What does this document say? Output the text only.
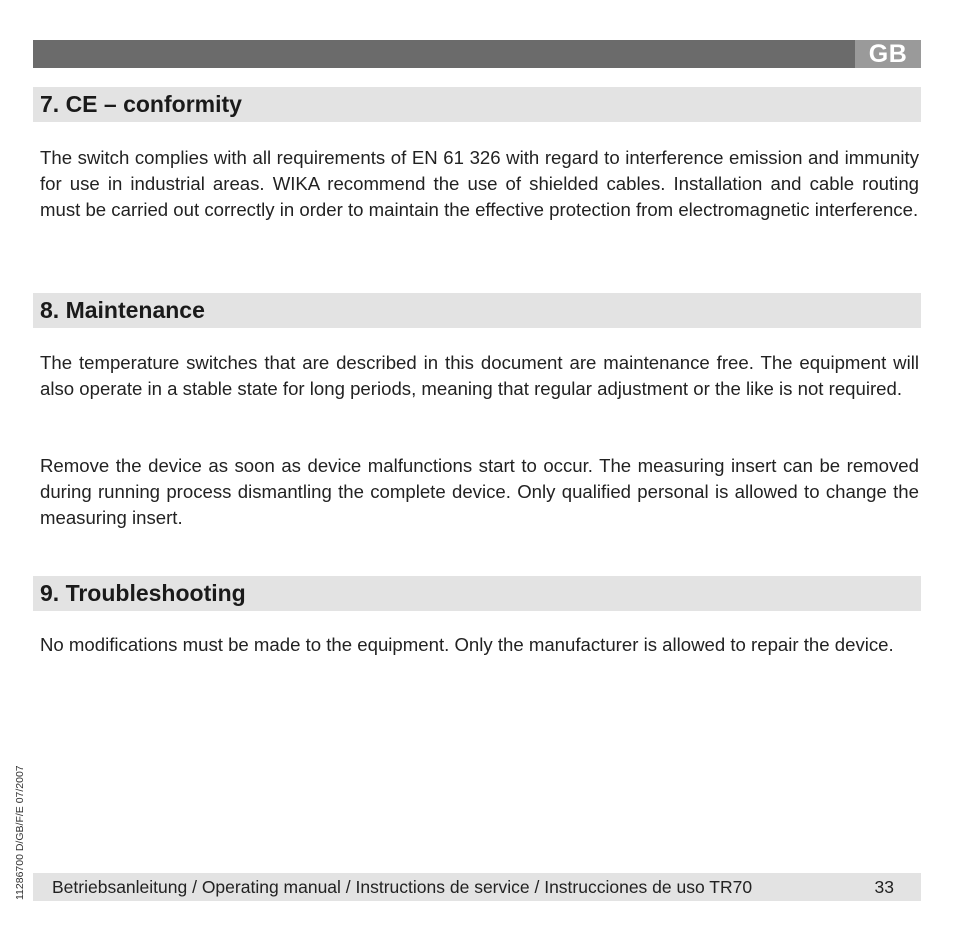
GB
7. CE – conformity

The switch complies with all requirements of EN 61 326 with regard to interference emission and immunity for use in industrial areas. WIKA recommend the use of shielded cables. Installation and cable routing must be carried out correctly in order to maintain the effective protection from electromagnetic interference.

8. Maintenance

The temperature switches that are described in this document are maintenance free. The equipment will also operate in a stable state for long periods, meaning that regular adjustment or the like is not required.

Remove the device as soon as device malfunctions start to occur. The measuring insert can be removed during running process dismantling the complete device. Only qualified personal is allowed to change the measuring insert.

9. Troubleshooting

No modifications must be made to the equipment. Only the manufacturer is allowed to repair the device.

11286700 D/GB/F/E 07/2007 Betriebsanleitung / Operating manual / Instructions de service / Instrucciones de uso TR70	33
